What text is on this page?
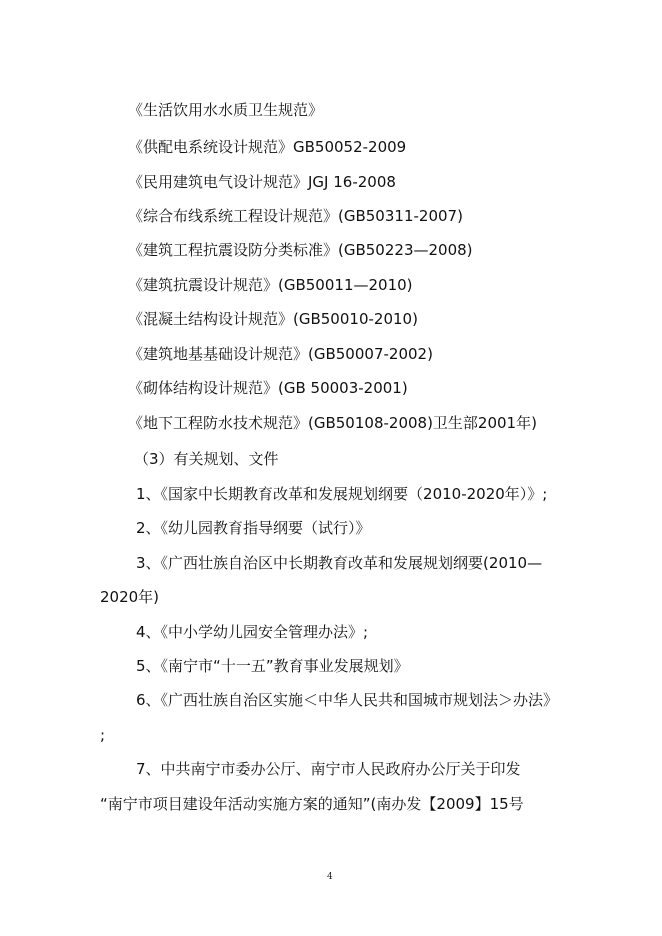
《生活饮用水水质卫生规范》
《供配电系统设计规范》GB50052-2009
《民用建筑电气设计规范》JGJ 16-2008
《综合布线系统工程设计规范》(GB50311-2007)
《建筑工程抗震设防分类标准》(GB50223—2008)
《建筑抗震设计规范》(GB50011—2010)
《混凝土结构设计规范》(GB50010-2010)
《建筑地基基础设计规范》(GB50007-2002)
《砌体结构设计规范》(GB 50003-2001)
《地下工程防水技术规范》(GB50108-2008)卫生部2001年)
（3）有关规划、文件
1、《国家中长期教育改革和发展规划纲要（2010-2020年）》;
2、《幼儿园教育指导纲要（试行）》
3、《广西壮族自治区中长期教育改革和发展规划纲要(2010—
2020年)
4、《中小学幼儿园安全管理办法》;
5、《南宁市“十一五”教育事业发展规划》
6、《广西壮族自治区实施＜中华人民共和国城市规划法＞办法》
;
7、中共南宁市委办公厅、南宁市人民政府办公厅关于印发
“南宁市项目建设年活动实施方案的通知”(南办发【2009】15号
4
